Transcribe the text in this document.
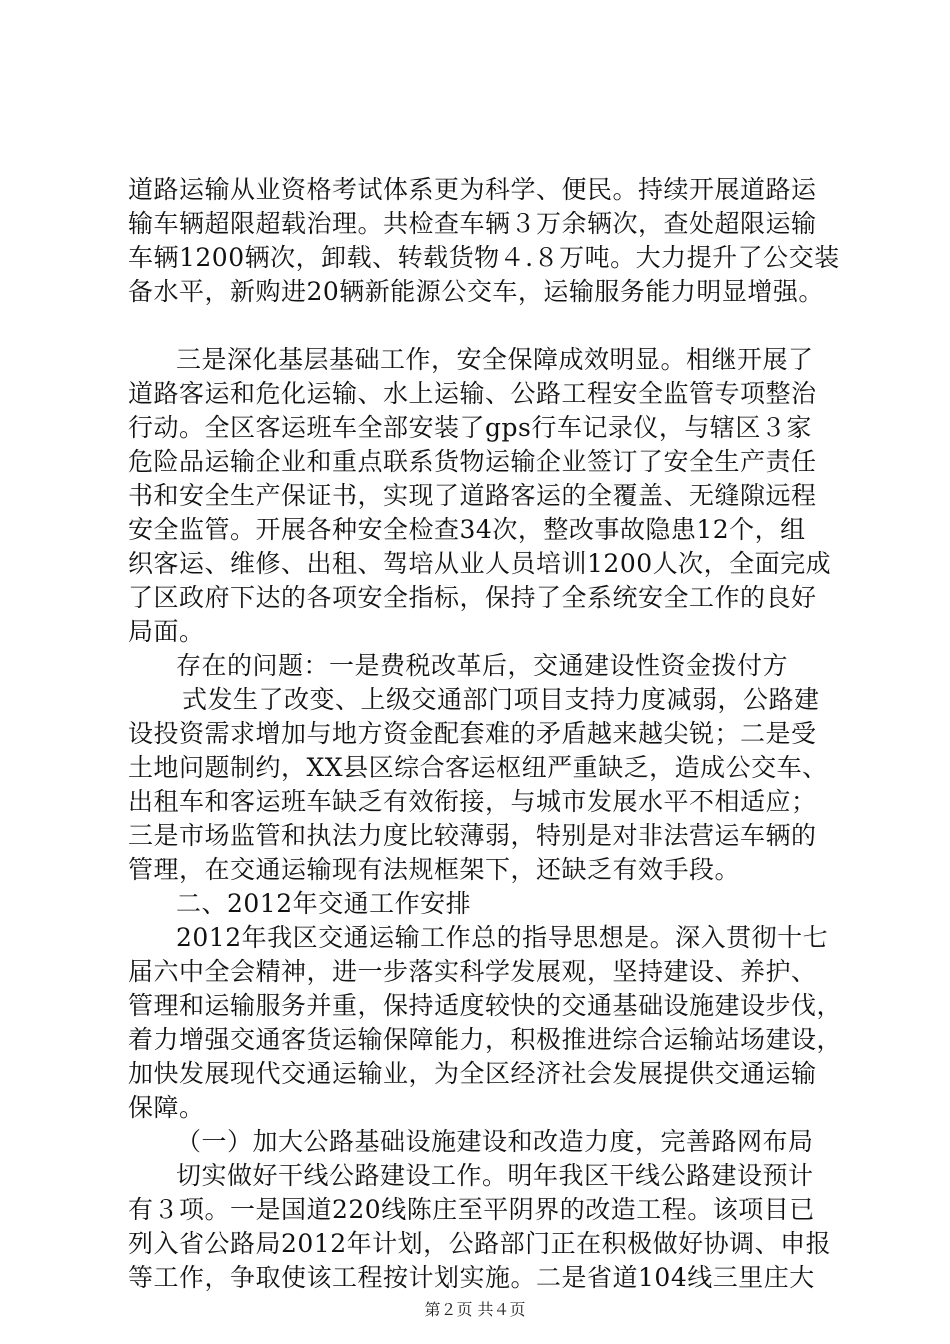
道路运输从业资格考试体系更为科学、便民。持续开展道路运
输车辆超限超载治理。共检查车辆３万余辆次，查处超限运输
车辆1200辆次，卸载、转载货物４.８万吨。大力提升了公交装
备水平，新购进20辆新能源公交车，运输服务能力明显增强。
三是深化基层基础工作，安全保障成效明显。相继开展了
道路客运和危化运输、水上运输、公路工程安全监管专项整治
行动。全区客运班车全部安装了gps行车记录仪，与辖区３家
危险品运输企业和重点联系货物运输企业签订了安全生产责任
书和安全生产保证书，实现了道路客运的全覆盖、无缝隙远程
安全监管。开展各种安全检查34次，整改事故隐患12个，组
织客运、维修、出租、驾培从业人员培训1200人次，全面完成
了区政府下达的各项安全指标，保持了全系统安全工作的良好
局面。
存在的问题：一是费税改革后，交通建设性资金拨付方
式发生了改变、上级交通部门项目支持力度减弱，公路建
设投资需求增加与地方资金配套难的矛盾越来越尖锐；二是受
土地问题制约，XX县区综合客运枢纽严重缺乏，造成公交车、
出租车和客运班车缺乏有效衔接，与城市发展水平不相适应；
三是市场监管和执法力度比较薄弱，特别是对非法营运车辆的
管理，在交通运输现有法规框架下，还缺乏有效手段。
二、2012年交通工作安排
2012年我区交通运输工作总的指导思想是。深入贯彻十七
届六中全会精神，进一步落实科学发展观，坚持建设、养护、
管理和运输服务并重，保持适度较快的交通基础设施建设步伐，
着力增强交通客货运输保障能力，积极推进综合运输站场建设，
加快发展现代交通运输业，为全区经济社会发展提供交通运输
保障。
（一）加大公路基础设施建设和改造力度，完善路网布局
切实做好干线公路建设工作。明年我区干线公路建设预计
有３项。一是国道220线陈庄至平阴界的改造工程。该项目已
列入省公路局2012年计划，公路部门正在积极做好协调、申报
等工作，争取使该工程按计划实施。二是省道104线三里庄大
第２页 共４页
